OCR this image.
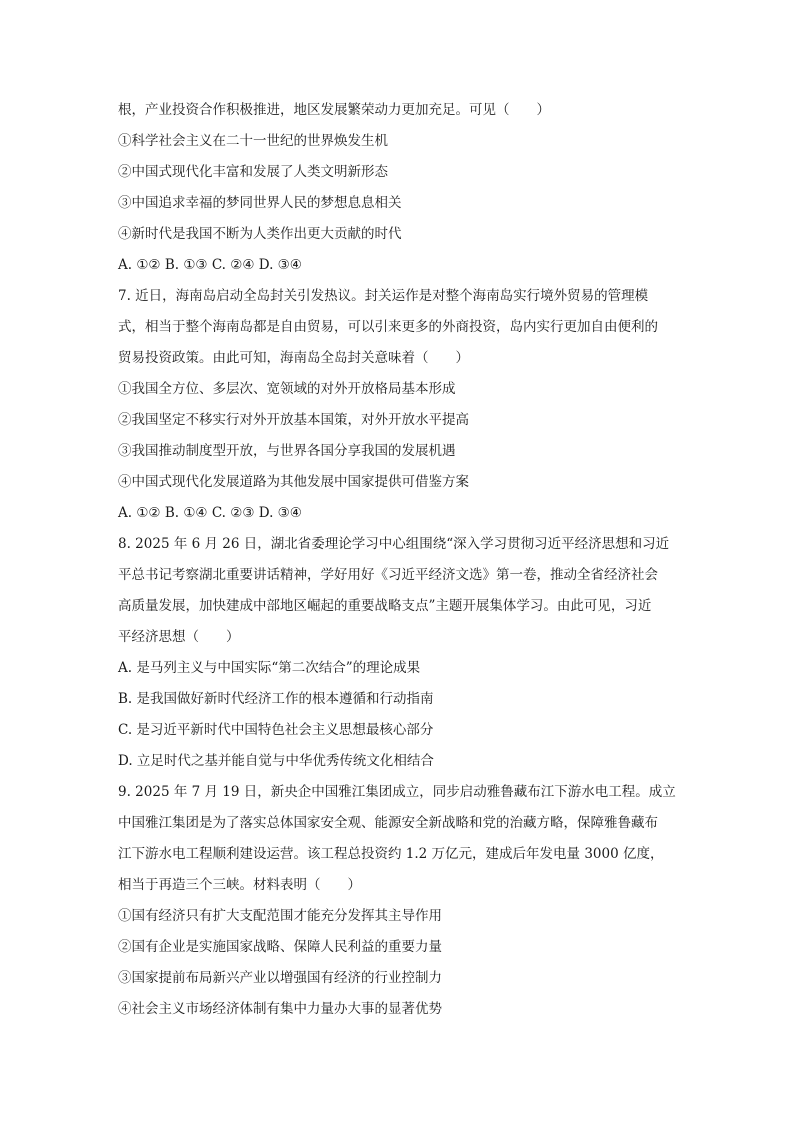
根，产业投资合作积极推进，地区发展繁荣动力更加充足。可见（　　）
①科学社会主义在二十一世纪的世界焕发生机
②中国式现代化丰富和发展了人类文明新形态
③中国追求幸福的梦同世界人民的梦想息息相关
④新时代是我国不断为人类作出更大贡献的时代
A. ①② B. ①③ C. ②④ D. ③④
7. 近日，海南岛启动全岛封关引发热议。封关运作是对整个海南岛实行境外贸易的管理模
式，相当于整个海南岛都是自由贸易，可以引来更多的外商投资，岛内实行更加自由便利的
贸易投资政策。由此可知，海南岛全岛封关意味着（　　）
①我国全方位、多层次、宽领域的对外开放格局基本形成
②我国坚定不移实行对外开放基本国策，对外开放水平提高
③我国推动制度型开放，与世界各国分享我国的发展机遇
④中国式现代化发展道路为其他发展中国家提供可借鉴方案
A. ①② B. ①④ C. ②③ D. ③④
8. 2025 年 6 月 26 日，湖北省委理论学习中心组围绕“深入学习贯彻习近平经济思想和习近
平总书记考察湖北重要讲话精神，学好用好《习近平经济文选》第一卷，推动全省经济社会
高质量发展，加快建成中部地区崛起的重要战略支点”主题开展集体学习。由此可见，习近
平经济思想（　　）
A. 是马列主义与中国实际“第二次结合”的理论成果
B. 是我国做好新时代经济工作的根本遵循和行动指南
C. 是习近平新时代中国特色社会主义思想最核心部分
D. 立足时代之基并能自觉与中华优秀传统文化相结合
9. 2025 年 7 月 19 日，新央企中国雅江集团成立，同步启动雅鲁藏布江下游水电工程。成立
中国雅江集团是为了落实总体国家安全观、能源安全新战略和党的治藏方略，保障雅鲁藏布
江下游水电工程顺利建设运营。该工程总投资约 1.2 万亿元，建成后年发电量 3000 亿度，
相当于再造三个三峡。材料表明（　　）
①国有经济只有扩大支配范围才能充分发挥其主导作用
②国有企业是实施国家战略、保障人民利益的重要力量
③国家提前布局新兴产业以增强国有经济的行业控制力
④社会主义市场经济体制有集中力量办大事的显著优势
